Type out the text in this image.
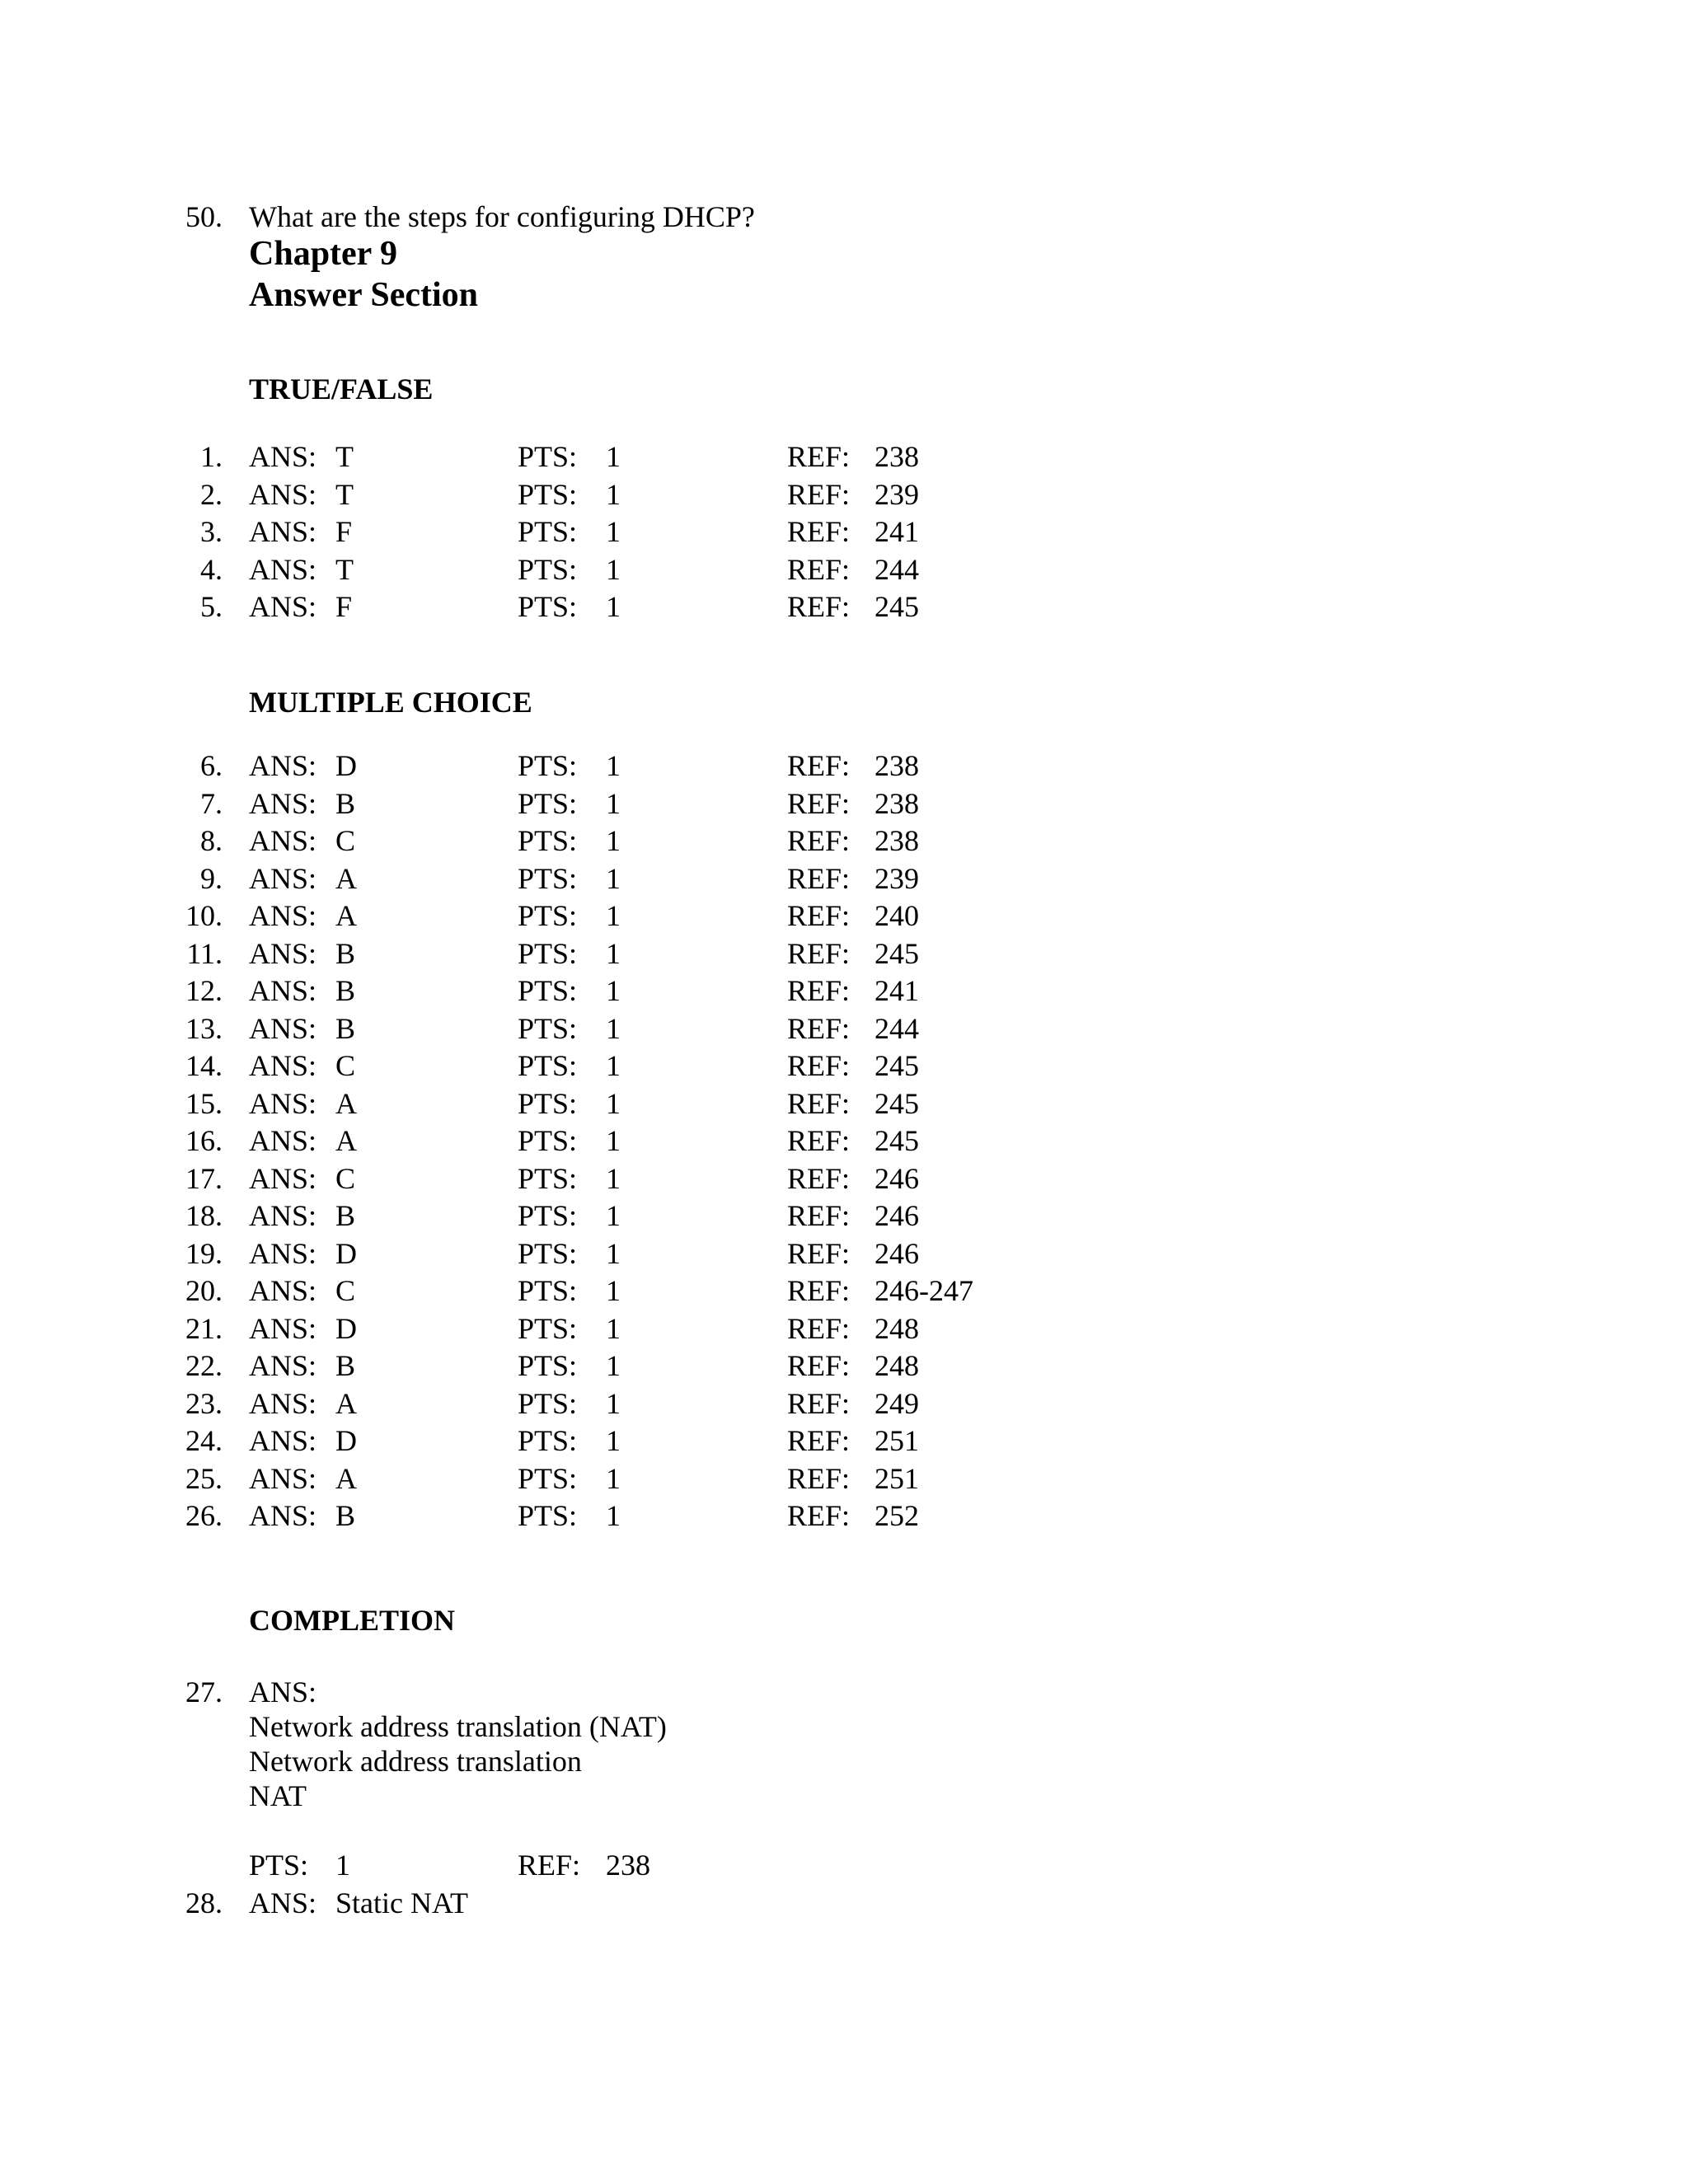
50. What are the steps for configuring DHCP?
Chapter 9
Answer Section
TRUE/FALSE
1. ANS: T	PTS: 1	REF: 238
2. ANS: T	PTS: 1	REF: 239
3. ANS: F	PTS: 1	REF: 241
4. ANS: T	PTS: 1	REF: 244
5. ANS: F	PTS: 1	REF: 245
MULTIPLE CHOICE
6. ANS: D	PTS: 1	REF: 238
7. ANS: B	PTS: 1	REF: 238
8. ANS: C	PTS: 1	REF: 238
9. ANS: A	PTS: 1	REF: 239
10. ANS: A	PTS: 1	REF: 240
11. ANS: B	PTS: 1	REF: 245
12. ANS: B	PTS: 1	REF: 241
13. ANS: B	PTS: 1	REF: 244
14. ANS: C	PTS: 1	REF: 245
15. ANS: A	PTS: 1	REF: 245
16. ANS: A	PTS: 1	REF: 245
17. ANS: C	PTS: 1	REF: 246
18. ANS: B	PTS: 1	REF: 246
19. ANS: D	PTS: 1	REF: 246
20. ANS: C	PTS: 1	REF: 246-247
21. ANS: D	PTS: 1	REF: 248
22. ANS: B	PTS: 1	REF: 248
23. ANS: A	PTS: 1	REF: 249
24. ANS: D	PTS: 1	REF: 251
25. ANS: A	PTS: 1	REF: 251
26. ANS: B	PTS: 1	REF: 252
COMPLETION
27. ANS:
Network address translation (NAT)
Network address translation
NAT
PTS: 1	REF: 238
28. ANS: Static NAT
